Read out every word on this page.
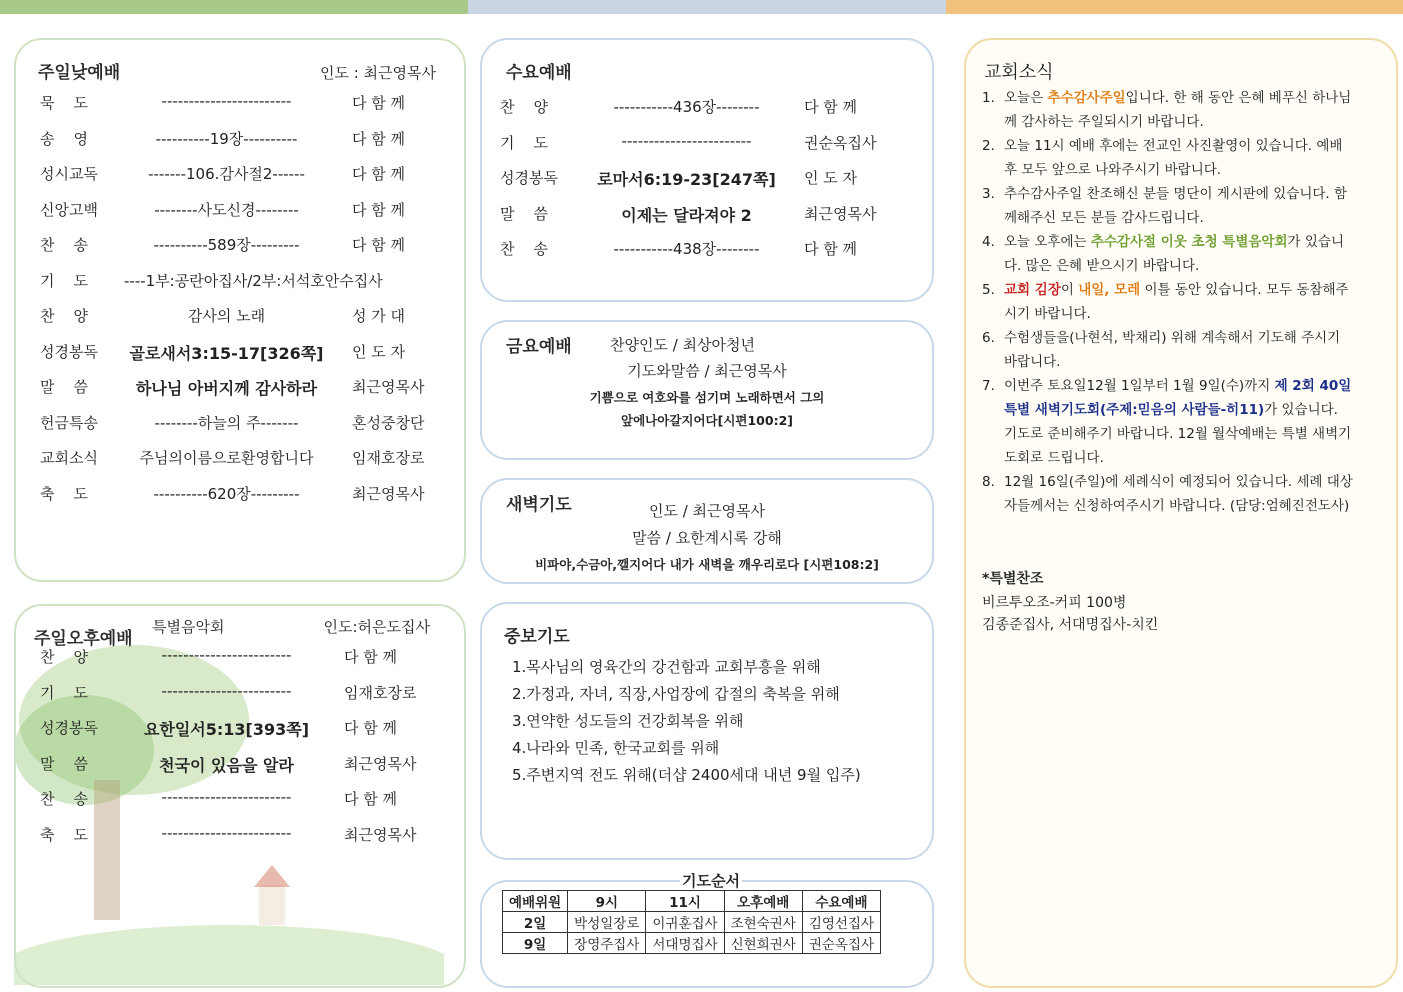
주일낮예배	인도 : 최근영목사
묵    도	------------------------	다 함 께
송    영	----------19장----------	다 함 께
성시교독	-------106.감사절2------	다 함 께
신앙고백	--------사도신경--------	다 함 께
찬    송	----------589장---------	다 함 께
기    도 ----1부:공란아집사/2부:서석호안수집사
찬    양	감사의 노래	성 가 대
성경봉독	골로새서3:15-17[326쪽]	인 도 자
말    씀	하나님 아버지께 감사하라	최근영목사
헌금특송	--------하늘의 주-------	혼성중창단
교회소식	주님의이름으로환영합니다	임재호장로
축    도	----------620장---------	최근영목사
주일오후예배
특별음악회	인도:허은도집사
찬    양	------------------------	다 함 께
기    도	------------------------	임재호장로
성경봉독	요한일서5:13[393쪽]	다 함 께
말    씀	천국이 있음을 알라	최근영목사
찬    송	------------------------	다 함 께
축    도	------------------------	최근영목사
수요예배
찬    양	-----------436장--------	다 함 께
기    도	------------------------	권순옥집사
성경봉독	로마서6:19-23[247쪽]	인 도 자
말    씀	이제는 달라져야 2	최근영목사
찬    송	-----------438장--------	다 함 께
금요예배	찬양인도 / 최상아청년
기도와말씀 / 최근영목사
기쁨으로 여호와를 섬기며 노래하면서 그의
앞에나아갈지어다[시편100:2]
새벽기도	인도 / 최근영목사
말씀 / 요한계시록 강해
비파야,수금아,깰지어다 내가 새벽을 깨우리로다 [시편108:2]
중보기도
1.목사님의 영육간의 강건함과 교회부흥을 위해
2.가정과, 자녀, 직장,사업장에 갑절의 축복을 위해
3.연약한 성도들의 건강회복을 위해
4.나라와 민족, 한국교회를 위해
5.주변지역 전도 위해(더샵 2400세대 내년 9월 입주)
기도순서
예배위원	9시	11시	오후예배	수요예배
2일	박성일장로	이귀훈집사	조현숙권사	김영선집사
9일	장영주집사	서대명집사	신현희권사	권순옥집사
교회소식
1. 오늘은 추수감사주일입니다. 한 해 동안 은혜 베푸신 하나님께 감사하는 주일되시기 바랍니다.
2. 오늘 11시 예배 후에는 전교인 사진촬영이 있습니다. 예배 후 모두 앞으로 나와주시기 바랍니다.
3. 추수감사주일 찬조해신 분들 명단이 게시판에 있습니다. 함께해주신 모든 분들 감사드립니다.
4. 오늘 오후에는 추수감사절 이웃 초청 특별음악회가 있습니다. 많은 은혜 받으시기 바랍니다.
5. 교회 김장이 내일, 모레 이틀 동안 있습니다. 모두 동참해주시기 바랍니다.
6. 수험생들을(나현석, 박채리) 위해 계속해서 기도해 주시기 바랍니다.
7. 이번주 토요일12월 1일부터 1월 9일(수)까지 제 2회 40일 특별 새벽기도회(주제:믿음의 사람들-히11)가 있습니다. 기도로 준비해주기 바랍니다. 12월 월삭예배는 특별 새벽기도회로 드립니다.
8. 12월 16일(주일)에 세례식이 예정되어 있습니다. 세례 대상자들께서는 신청하여주시기 바랍니다. (담당:엄혜진전도사)
*특별찬조
비르투오조-커피 100병
김종준집사, 서대명집사-치킨
